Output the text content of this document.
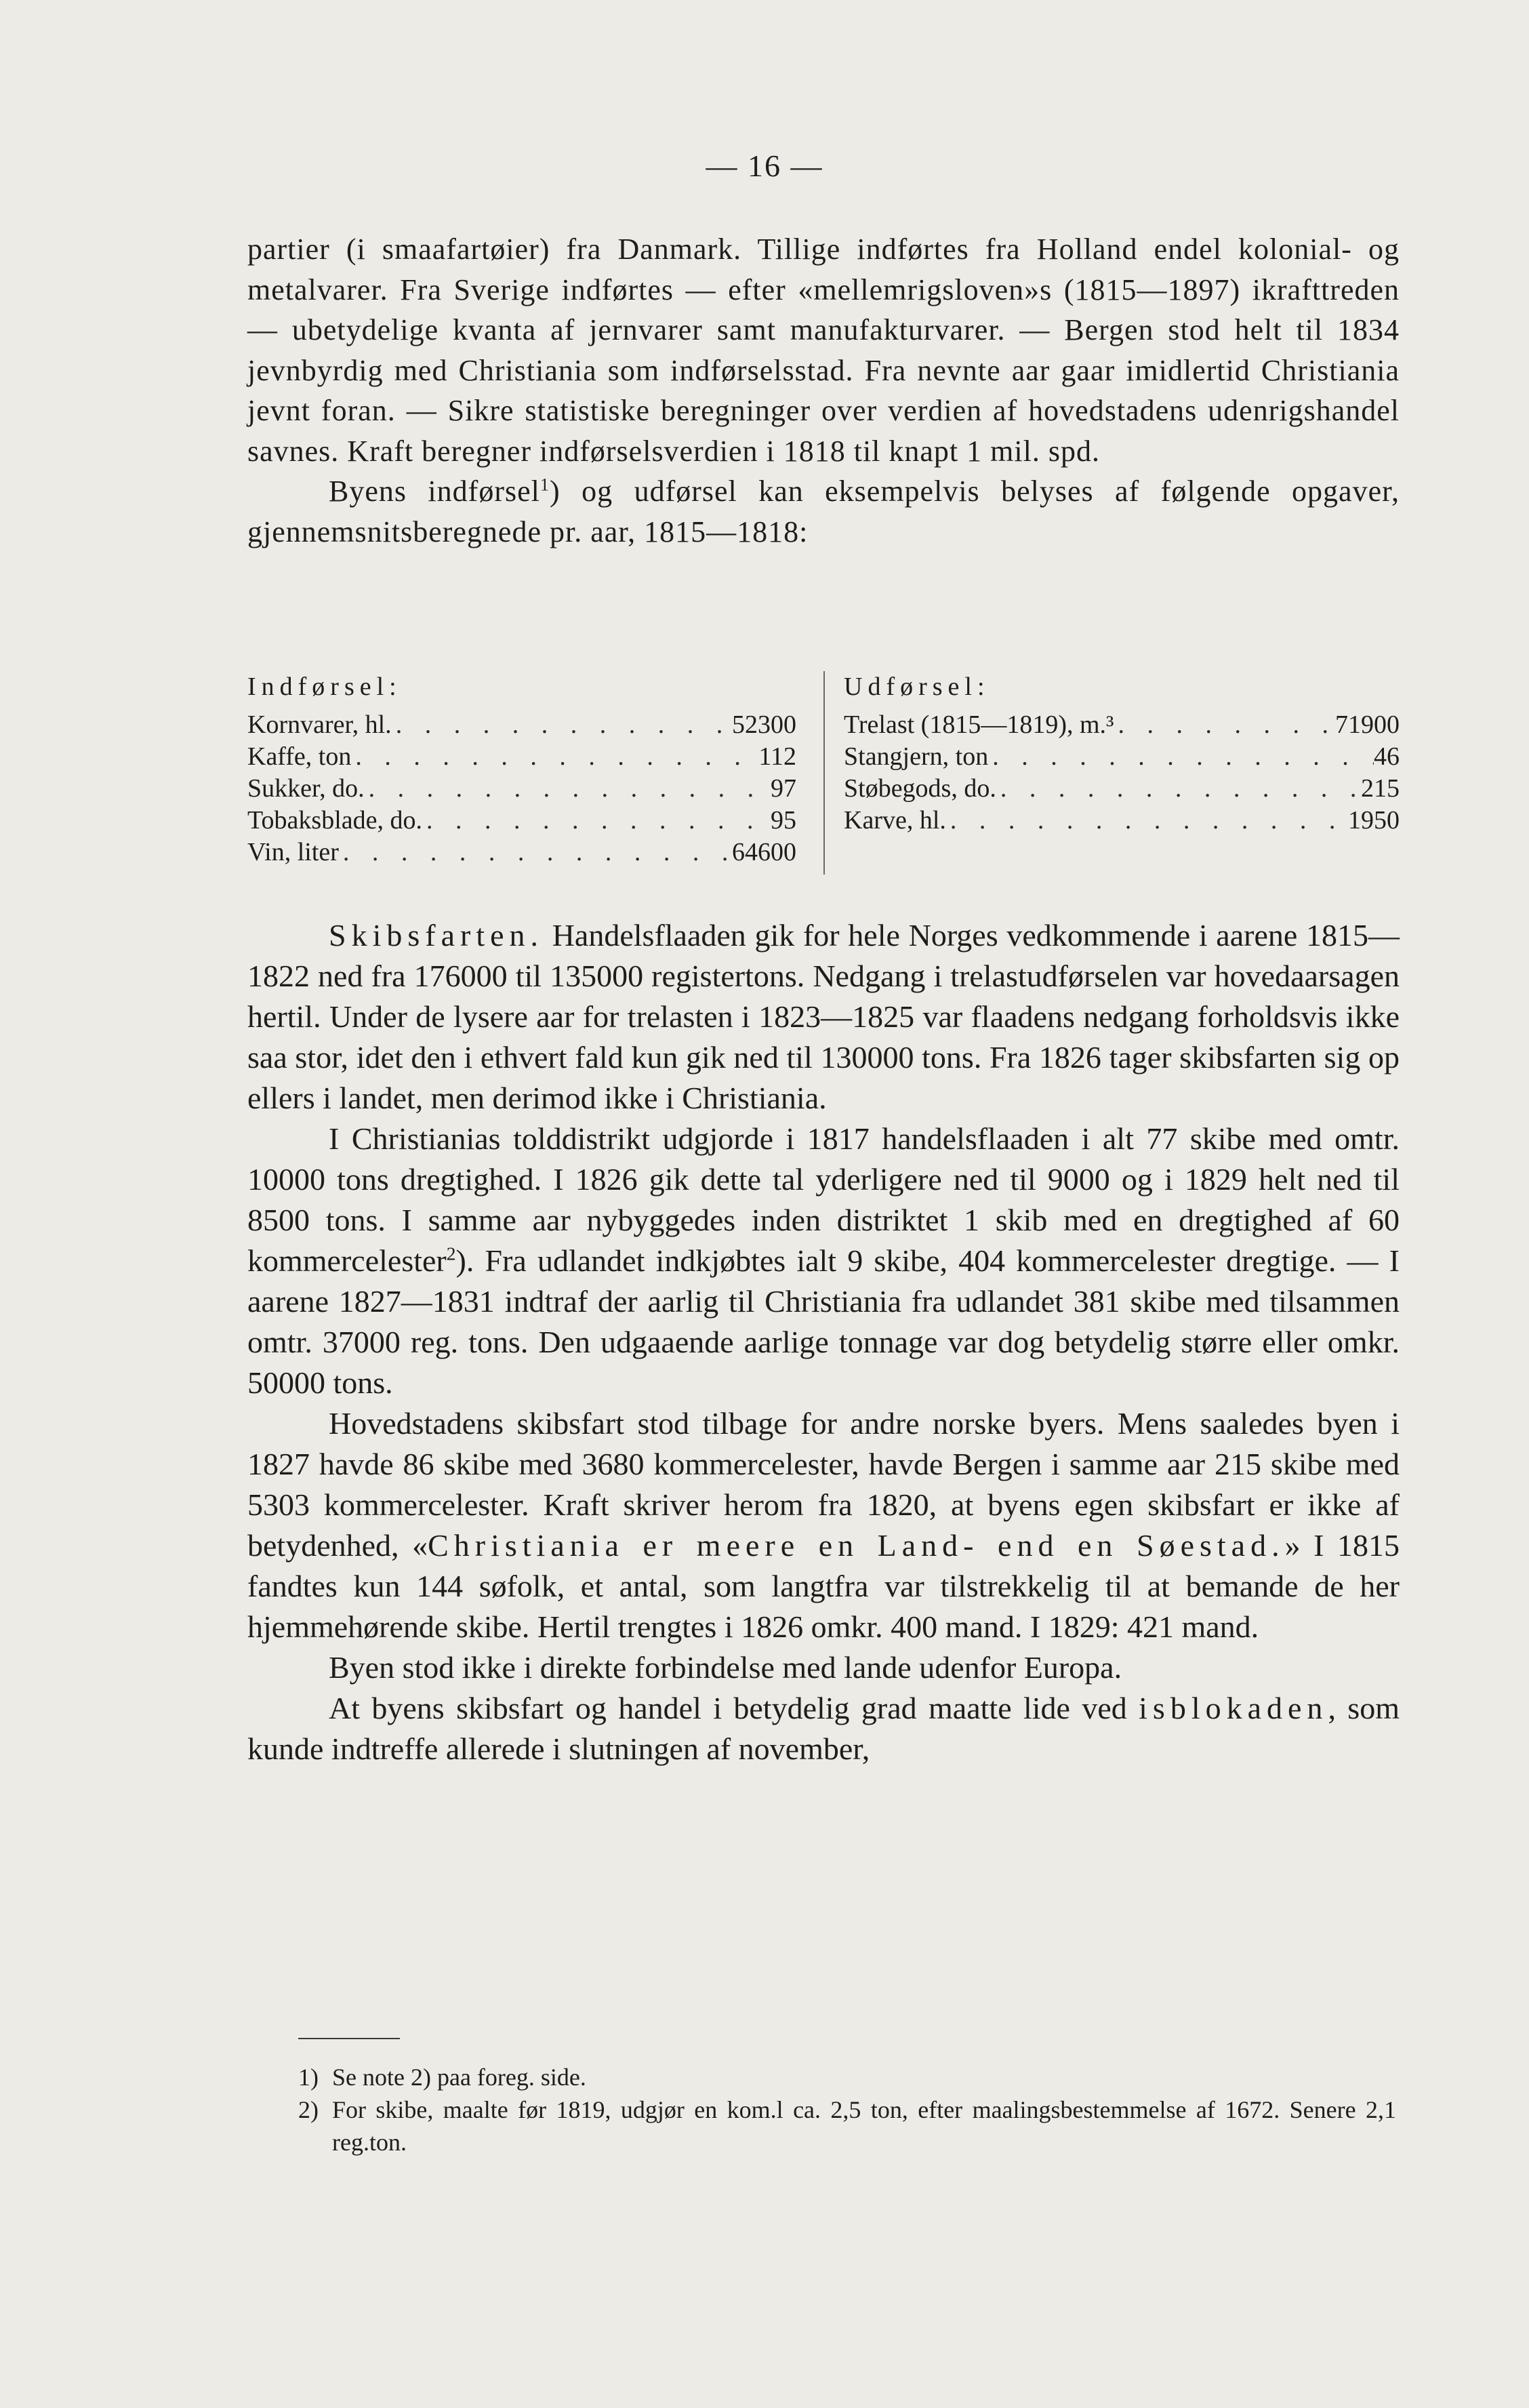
— 16 —

partier (i smaafartøier) fra Danmark. Tillige indførtes fra Holland endel kolonial- og metalvarer. Fra Sverige indførtes — efter «mellemrigsloven»s (1815—1897) ikrafttreden — ubetydelige kvanta af jernvarer samt manufakturvarer. — Bergen stod helt til 1834 jevnbyrdig med Christiania som indførselsstad. Fra nevnte aar gaar imidlertid Christiania jevnt foran. — Sikre statistiske beregninger over verdien af hovedstadens udenrigshandel savnes. Kraft beregner indførselsverdien i 1818 til knapt 1 mil. spd.

Byens indførsel$^1$) og udførsel kan eksempelvis belyses af følgende opgaver, gjennemsnitsberegnede pr. aar, 1815—1818:

Indførsel:
Kornvarer, hl. . . .	52300
Kaffe, ton . . .	112
Sukker, do. . . .	97
Tobaksblade, do. . . .	95
Vin, liter . . .	64600
Udførsel:
Trelast (1815—1819), m.³ . . .	71900
Stangjern, ton . . .	46
Støbegods, do. . . .	215
Karve, hl. . . .	1950

Skibsfarten. Handelsflaaden gik for hele Norges vedkommende i aarene 1815—1822 ned fra 176000 til 135000 registertons. Nedgang i trelastudførselen var hovedaarsagen hertil. Under de lysere aar for trelasten i 1823—1825 var flaadens nedgang forholdsvis ikke saa stor, idet den i ethvert fald kun gik ned til 130000 tons. Fra 1826 tager skibsfarten sig op ellers i landet, men derimod ikke i Christiania.

I Christianias tolddistrikt udgjorde i 1817 handelsflaaden i alt 77 skibe med omtr. 10000 tons dregtighed. I 1826 gik dette tal yderligere ned til 9000 og i 1829 helt ned til 8500 tons. I samme aar nybyggedes inden distriktet 1 skib med en dregtighed af 60 kommercelester$^2$). Fra udlandet indkjøbtes ialt 9 skibe, 404 kommercelester dregtige. — I aarene 1827—1831 indtraf der aarlig til Christiania fra udlandet 381 skibe med tilsammen omtr. 37000 reg. tons. Den udgaaende aarlige tonnage var dog betydelig større eller omkr. 50000 tons.

Hovedstadens skibsfart stod tilbage for andre norske byers. Mens saaledes byen i 1827 havde 86 skibe med 3680 kommercelester, havde Bergen i samme aar 215 skibe med 5303 kommercelester. Kraft skriver herom fra 1820, at byens egen skibsfart er ikke af betydenhed, «Christiania er meere en Land- end en Søestad.» I 1815 fandtes kun 144 søfolk, et antal, som langtfra var tilstrekkelig til at bemande de her hjemmehørende skibe. Hertil trengtes i 1826 omkr. 400 mand. I 1829: 421 mand.

Byen stod ikke i direkte forbindelse med lande udenfor Europa.

At byens skibsfart og handel i betydelig grad maatte lide ved isblokaden, som kunde indtreffe allerede i slutningen af november,

1) Se note 2) paa foreg. side.
2) For skibe, maalte før 1819, udgjør en kom.l ca. 2,5 ton, efter maalingsbestemmelse af 1672. Senere 2,1 reg.ton.
